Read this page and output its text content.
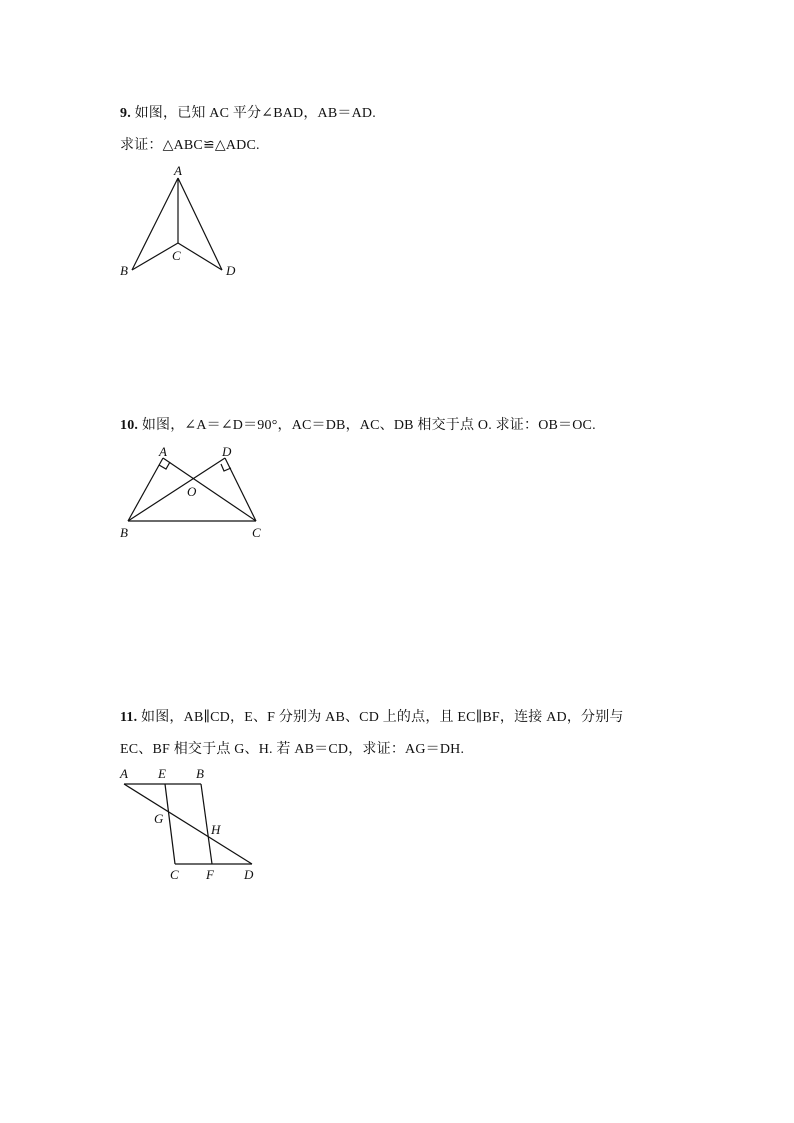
9. 如图，已知 AC 平分∠BAD，AB＝AD.
求证：△ABC≌△ADC.
A
B
C
D
10. 如图，∠A＝∠D＝90°，AC＝DB，AC、DB 相交于点 O. 求证：OB＝OC.
A	D
O
B	C
11. 如图，AB∥CD，E、F 分别为 AB、CD 上的点，且 EC∥BF，连接 AD，分别与
EC、BF 相交于点 G、H. 若 AB＝CD，求证：AG＝DH.
A E B
G
H
C F D
